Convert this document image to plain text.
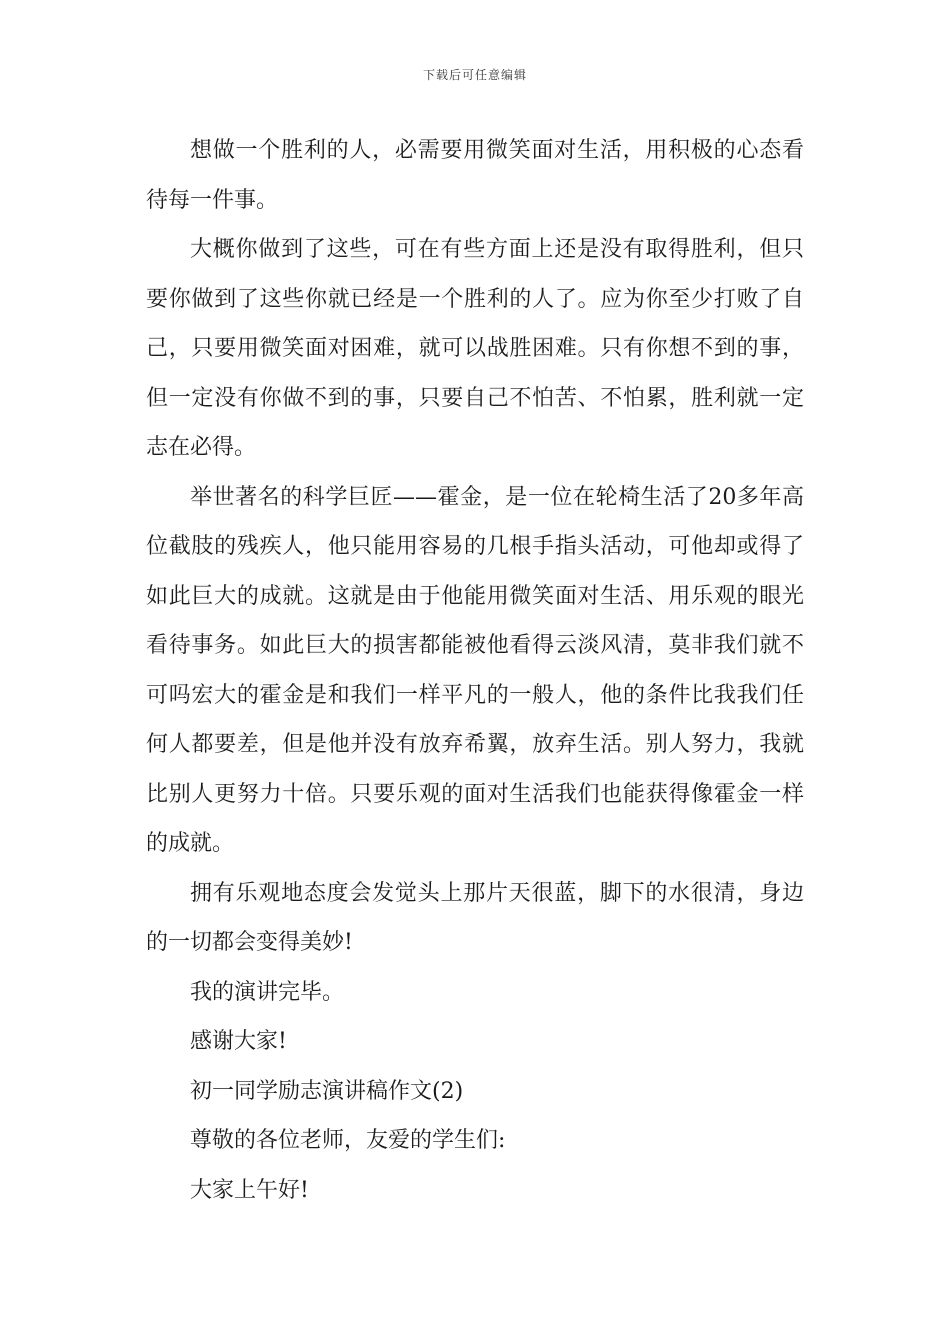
下载后可任意编辑

想做一个胜利的人，必需要用微笑面对生活，用积极的心态看待每一件事。

大概你做到了这些，可在有些方面上还是没有取得胜利，但只要你做到了这些你就已经是一个胜利的人了。应为你至少打败了自己，只要用微笑面对困难，就可以战胜困难。只有你想不到的事，但一定没有你做不到的事，只要自己不怕苦、不怕累，胜利就一定志在必得。

举世著名的科学巨匠——霍金，是一位在轮椅生活了20多年高位截肢的残疾人，他只能用容易的几根手指头活动，可他却或得了如此巨大的成就。这就是由于他能用微笑面对生活、用乐观的眼光看待事务。如此巨大的损害都能被他看得云淡风清，莫非我们就不可吗宏大的霍金是和我们一样平凡的一般人，他的条件比我我们任何人都要差，但是他并没有放弃希翼，放弃生活。别人努力，我就比别人更努力十倍。只要乐观的面对生活我们也能获得像霍金一样的成就。

拥有乐观地态度会发觉头上那片天很蓝，脚下的水很清，身边的一切都会变得美妙!

我的演讲完毕。

感谢大家!

初一同学励志演讲稿作文(2)

尊敬的各位老师，友爱的学生们:

大家上午好!
